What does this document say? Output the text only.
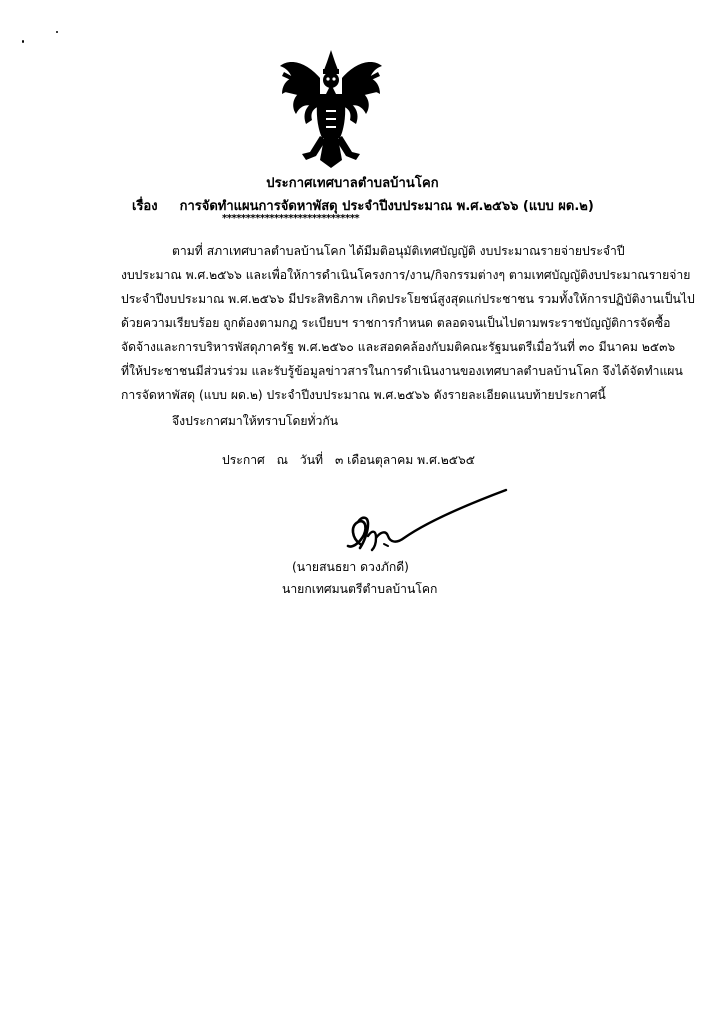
ประกาศเทศบาลตำบลบ้านโคก
เรื่อง การจัดทำแผนการจัดหาพัสดุ ประจำปีงบประมาณ พ.ศ.๒๕๖๖ (แบบ ผด.๒)
*****************************
ตามที่ สภาเทศบาลตำบลบ้านโคก ได้มีมติอนุมัติเทศบัญญัติ งบประมาณรายจ่ายประจำปี
งบประมาณ พ.ศ.๒๕๖๖ และเพื่อให้การดำเนินโครงการ/งาน/กิจกรรมต่างๆ ตามเทศบัญญัติงบประมาณรายจ่าย
ประจำปีงบประมาณ พ.ศ.๒๕๖๖ มีประสิทธิภาพ เกิดประโยชน์สูงสุดแก่ประชาชน รวมทั้งให้การปฏิบัติงานเป็นไป
ด้วยความเรียบร้อย ถูกต้องตามกฎ ระเบียบฯ ราชการกำหนด ตลอดจนเป็นไปตามพระราชบัญญัติการจัดซื้อ
จัดจ้างและการบริหารพัสดุภาครัฐ พ.ศ.๒๕๖๐ และสอดคล้องกับมติคณะรัฐมนตรีเมื่อวันที่ ๓๐ มีนาคม ๒๕๓๖
ที่ให้ประชาชนมีส่วนร่วม และรับรู้ข้อมูลข่าวสารในการดำเนินงานของเทศบาลตำบลบ้านโคก จึงได้จัดทำแผน
การจัดหาพัสดุ (แบบ ผด.๒) ประจำปีงบประมาณ พ.ศ.๒๕๖๖ ดังรายละเอียดแนบท้ายประกาศนี้
จึงประกาศมาให้ทราบโดยทั่วกัน
ประกาศ ณ วันที่ ๓ เดือนตุลาคม พ.ศ.๒๕๖๕
(นายสนธยา ดวงภักดี)
นายกเทศมนตรีตำบลบ้านโคก
